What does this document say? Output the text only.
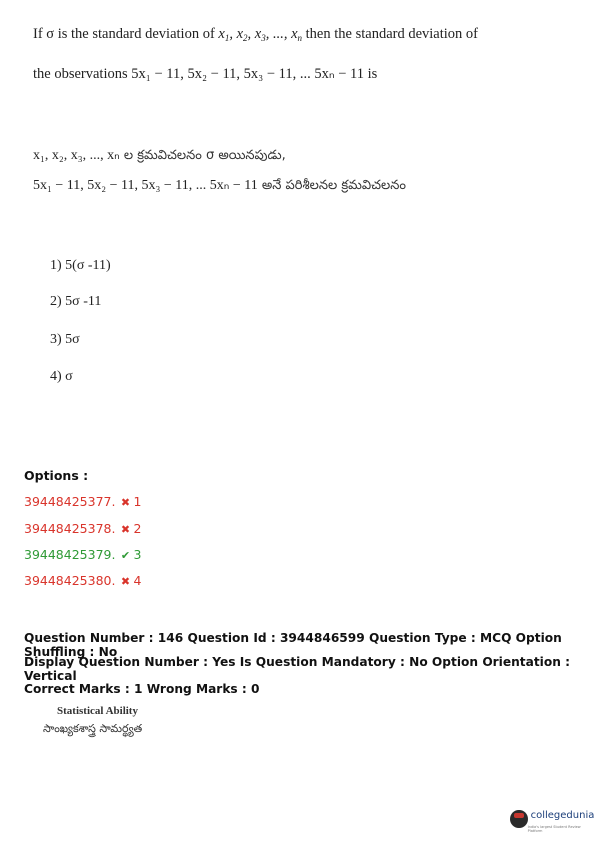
If σ is the standard deviation of $x_1$, $x_2$, $x_3$, ..., $x_n$ then the standard deviation of
the observations 5x₁ − 11, 5x₂ − 11, 5x₃ − 11, ... 5xₙ − 11 is
x₁, x₂, x₃, ..., xₙ ల క్రమవిచలనం σ అయినపుడు,
5x₁ − 11, 5x₂ − 11, 5x₃ − 11, ... 5xₙ − 11 అనే పరిశీలనల క్రమవిచలనం
1) 5(σ -11)
2) 5σ -11
3) 5σ
4) σ
Options :
39448425377. ✖ 1
39448425378. ✖ 2
39448425379. ✔ 3
39448425380. ✖ 4
Question Number : 146 Question Id : 3944846599 Question Type : MCQ Option Shuffling : No
Display Question Number : Yes Is Question Mandatory : No Option Orientation : Vertical
Correct Marks : 1 Wrong Marks : 0
Statistical Ability
సాంఖ్యకశాస్త్ర సామర్థ్యత
collegedunia
India's largest Student Review Platform
